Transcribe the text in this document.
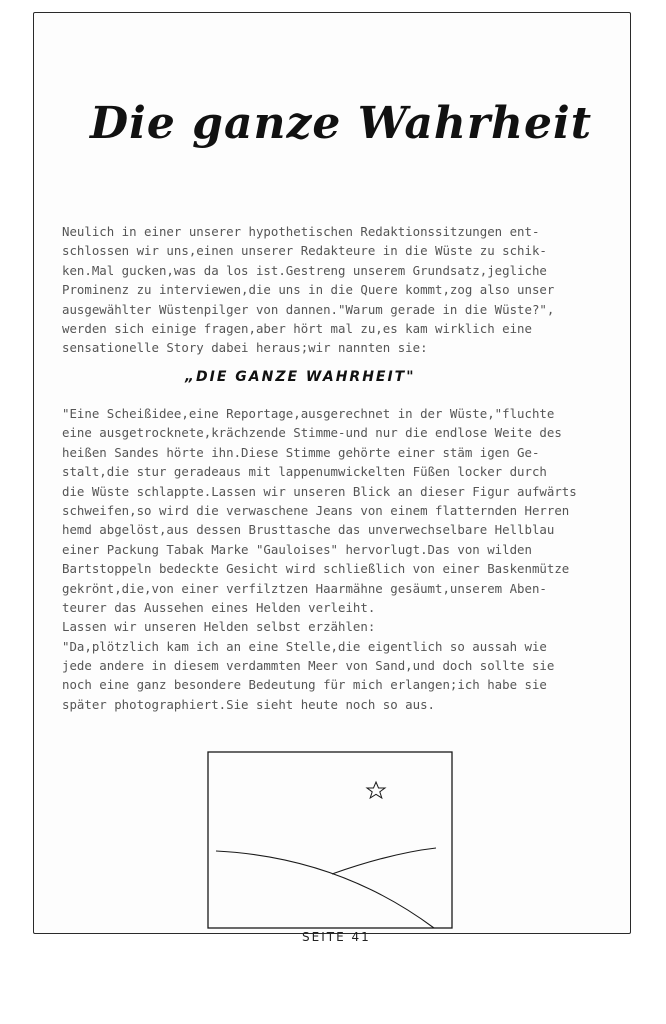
Die ganze Wahrheit
Neulich in einer unserer hypothetischen Redaktionssitzungen ent-
schlossen wir uns,einen unserer Redakteure in die Wüste zu schik-
ken.Mal gucken,was da los ist.Gestreng unserem Grundsatz,jegliche
Prominenz zu interviewen,die uns in die Quere kommt,zog also unser
ausgewählter Wüstenpilger von dannen."Warum gerade in die Wüste?",
werden sich einige fragen,aber hört mal zu,es kam wirklich eine
sensationelle Story dabei heraus;wir nannten sie:
„DIE GANZE WAHRHEIT"
"Eine Scheißidee,eine Reportage,ausgerechnet in der Wüste,"fluchte
eine ausgetrocknete,krächzende Stimme-und nur die endlose Weite des
heißen Sandes hörte ihn.Diese Stimme gehörte einer stäm igen Ge-
stalt,die stur geradeaus mit lappenumwickelten Füßen locker durch
die Wüste schlappte.Lassen wir unseren Blick an dieser Figur aufwärts
schweifen,so wird die verwaschene Jeans von einem flatternden Herren
hemd abgelöst,aus dessen Brusttasche das unverwechselbare Hellblau
einer Packung Tabak Marke "Gauloises" hervorlugt.Das von wilden
Bartstoppeln bedeckte Gesicht wird schließlich von einer Baskenmütze
gekrönt,die,von einer verfilztzen Haarmähne gesäumt,unserem Aben-
teurer das Aussehen eines Helden verleiht.
Lassen wir unseren Helden selbst erzählen:
"Da,plötzlich kam ich an eine Stelle,die eigentlich so aussah wie
jede andere in diesem verdammten Meer von Sand,und doch sollte sie
noch eine ganz besondere Bedeutung für mich erlangen;ich habe sie
später photographiert.Sie sieht heute noch so aus.
SEITE 41
